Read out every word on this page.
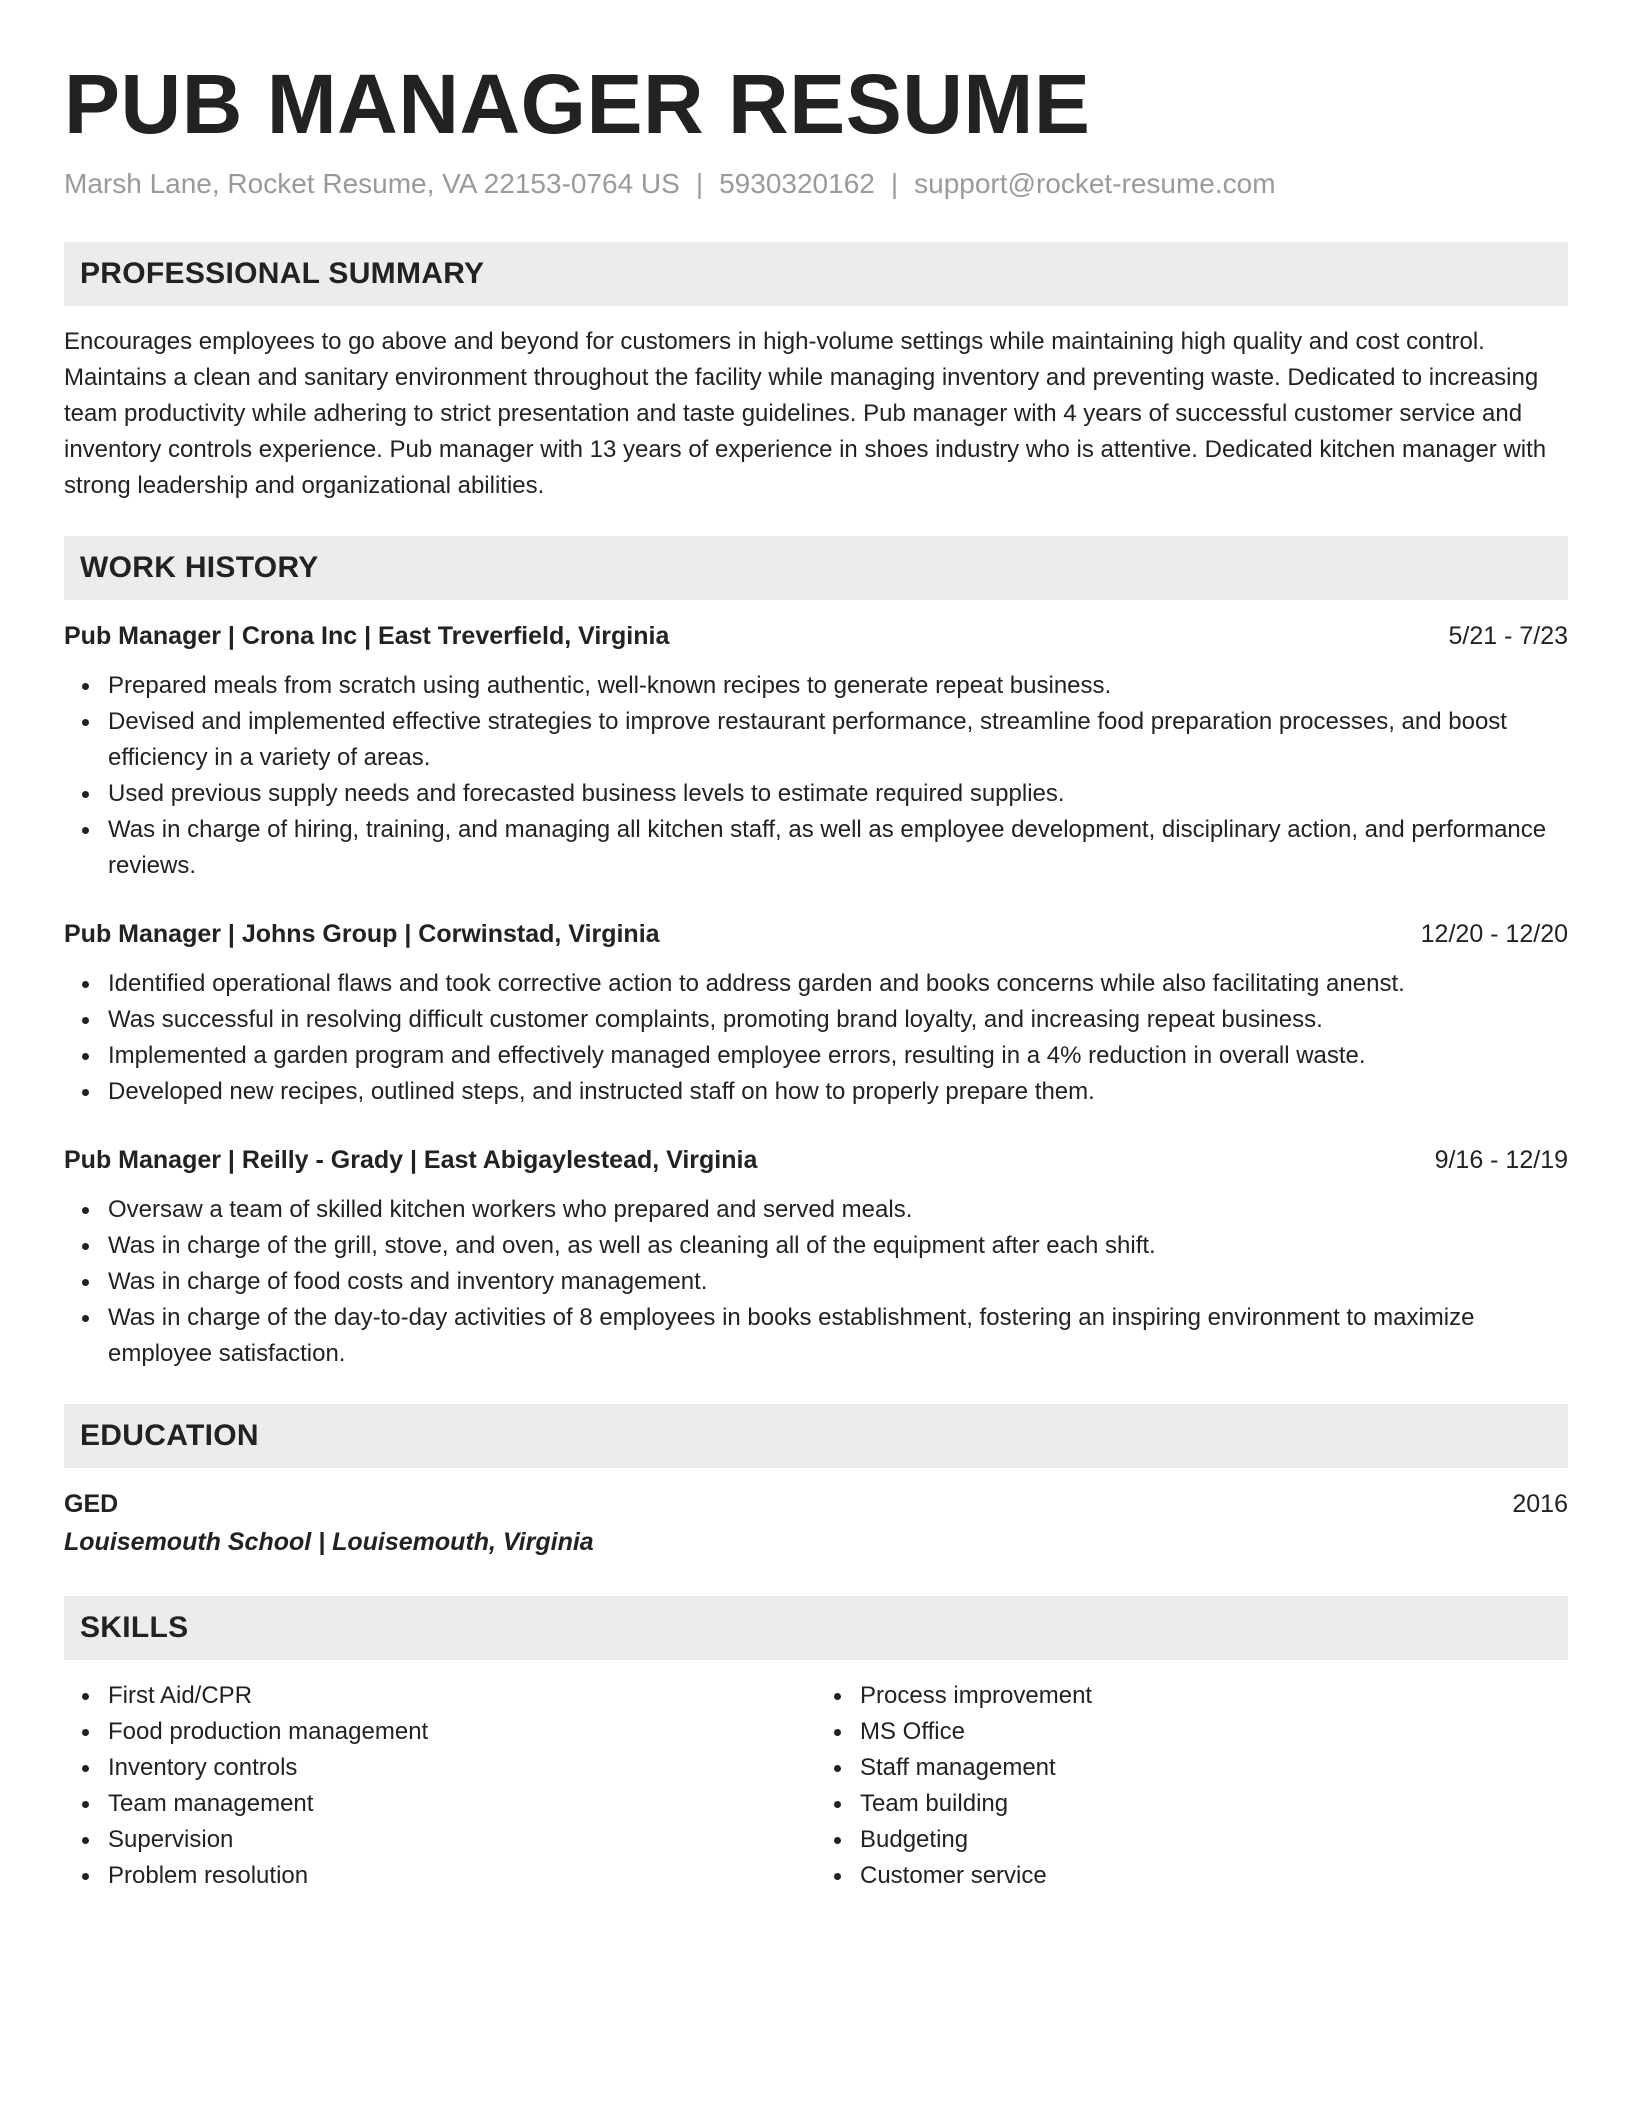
PUB MANAGER RESUME
Marsh Lane, Rocket Resume, VA 22153-0764 US | 5930320162 | support@rocket-resume.com
PROFESSIONAL SUMMARY
Encourages employees to go above and beyond for customers in high-volume settings while maintaining high quality and cost control. Maintains a clean and sanitary environment throughout the facility while managing inventory and preventing waste. Dedicated to increasing team productivity while adhering to strict presentation and taste guidelines. Pub manager with 4 years of successful customer service and inventory controls experience. Pub manager with 13 years of experience in shoes industry who is attentive. Dedicated kitchen manager with strong leadership and organizational abilities.
WORK HISTORY
Pub Manager | Crona Inc | East Treverfield, Virginia	5/21 - 7/23
Prepared meals from scratch using authentic, well-known recipes to generate repeat business.
Devised and implemented effective strategies to improve restaurant performance, streamline food preparation processes, and boost efficiency in a variety of areas.
Used previous supply needs and forecasted business levels to estimate required supplies.
Was in charge of hiring, training, and managing all kitchen staff, as well as employee development, disciplinary action, and performance reviews.
Pub Manager | Johns Group | Corwinstad, Virginia	12/20 - 12/20
Identified operational flaws and took corrective action to address garden and books concerns while also facilitating anenst.
Was successful in resolving difficult customer complaints, promoting brand loyalty, and increasing repeat business.
Implemented a garden program and effectively managed employee errors, resulting in a 4% reduction in overall waste.
Developed new recipes, outlined steps, and instructed staff on how to properly prepare them.
Pub Manager | Reilly - Grady | East Abigaylestead, Virginia	9/16 - 12/19
Oversaw a team of skilled kitchen workers who prepared and served meals.
Was in charge of the grill, stove, and oven, as well as cleaning all of the equipment after each shift.
Was in charge of food costs and inventory management.
Was in charge of the day-to-day activities of 8 employees in books establishment, fostering an inspiring environment to maximize employee satisfaction.
EDUCATION
GED	2016
Louisemouth School | Louisemouth, Virginia
SKILLS
First Aid/CPR
Food production management
Inventory controls
Team management
Supervision
Problem resolution
Process improvement
MS Office
Staff management
Team building
Budgeting
Customer service
